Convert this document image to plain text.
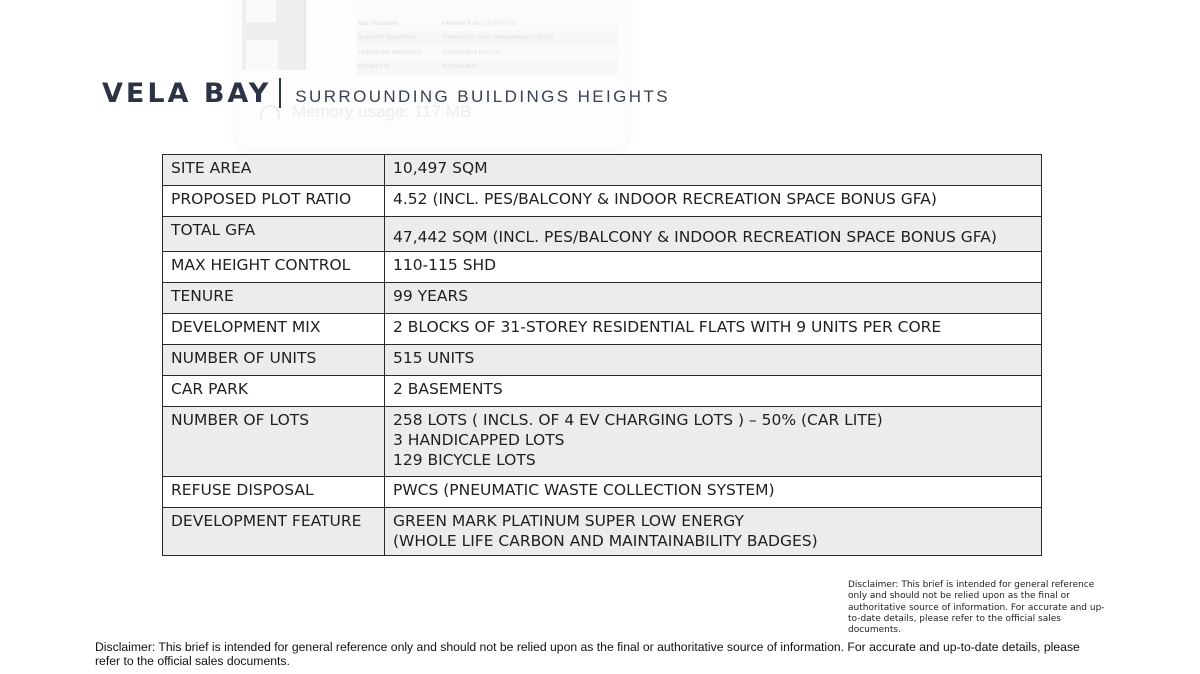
M&E ENGINEER	RANKINE & HILL (S) PTE LTD
QUANTITY SURVEYOR	THREESIXTY COST MANAGEMENT PTE LTD
LANDSCAPE ARCHITECT	COPLAN ASIA PTE LTD
PROJECT ID	SUJONO HUH
Memory usage: 117 MB
VELA BAY SURROUNDING BUILDINGS HEIGHTS
SITE AREA	10,497 SQM

PROPOSED PLOT RATIO	4.52 (INCL. PES/BALCONY & INDOOR RECREATION SPACE BONUS GFA)

TOTAL GFA	47,442 SQM (INCL. PES/BALCONY & INDOOR RECREATION SPACE BONUS GFA)

MAX HEIGHT CONTROL	110-115 SHD

TENURE	99 YEARS

DEVELOPMENT MIX	2 BLOCKS OF 31-STOREY RESIDENTIAL FLATS WITH 9 UNITS PER CORE

NUMBER OF UNITS	515 UNITS

CAR PARK	2 BASEMENTS

NUMBER OF LOTS	258 LOTS ( INCLS. OF 4 EV CHARGING LOTS ) – 50% (CAR LITE)
3 HANDICAPPED LOTS
129 BICYCLE LOTS

REFUSE DISPOSAL	PWCS (PNEUMATIC WASTE COLLECTION SYSTEM)

DEVELOPMENT FEATURE	GREEN MARK PLATINUM SUPER LOW ENERGY
(WHOLE LIFE CARBON AND MAINTAINABILITY BADGES)
Disclaimer: This brief is intended for general reference only and should not be relied upon as the final or authoritative source of information. For accurate and up-to-date details, please refer to the official sales documents.
Disclaimer: This brief is intended for general reference only and should not be relied upon as the final or authoritative source of information. For accurate and up-to-date details, please refer to the official sales documents.
